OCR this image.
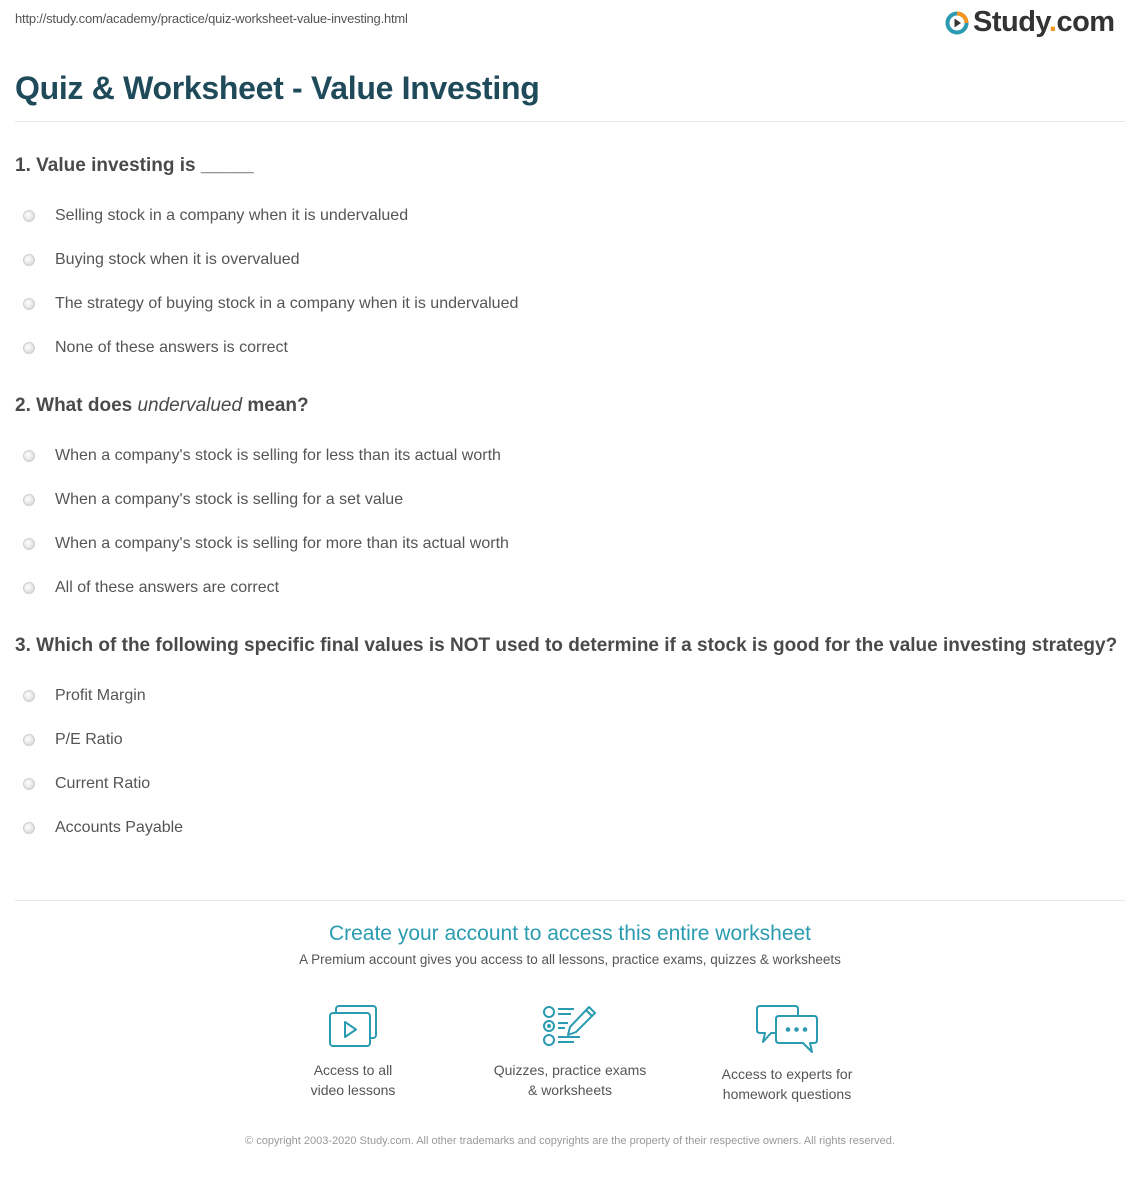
http://study.com/academy/practice/quiz-worksheet-value-investing.html	Study.com
Quiz & Worksheet - Value Investing
1. Value investing is _____
Selling stock in a company when it is undervalued
Buying stock when it is overvalued
The strategy of buying stock in a company when it is undervalued
None of these answers is correct
2. What does undervalued mean?
When a company's stock is selling for less than its actual worth
When a company's stock is selling for a set value
When a company's stock is selling for more than its actual worth
All of these answers are correct
3. Which of the following specific final values is NOT used to determine if a stock is good for the value investing strategy?
Profit Margin
P/E Ratio
Current Ratio
Accounts Payable
Create your account to access this entire worksheet
A Premium account gives you access to all lessons, practice exams, quizzes & worksheets
Access to all
video lessons
Quizzes, practice exams
& worksheets
Access to experts for
homework questions
© copyright 2003-2020 Study.com. All other trademarks and copyrights are the property of their respective owners. All rights reserved.
